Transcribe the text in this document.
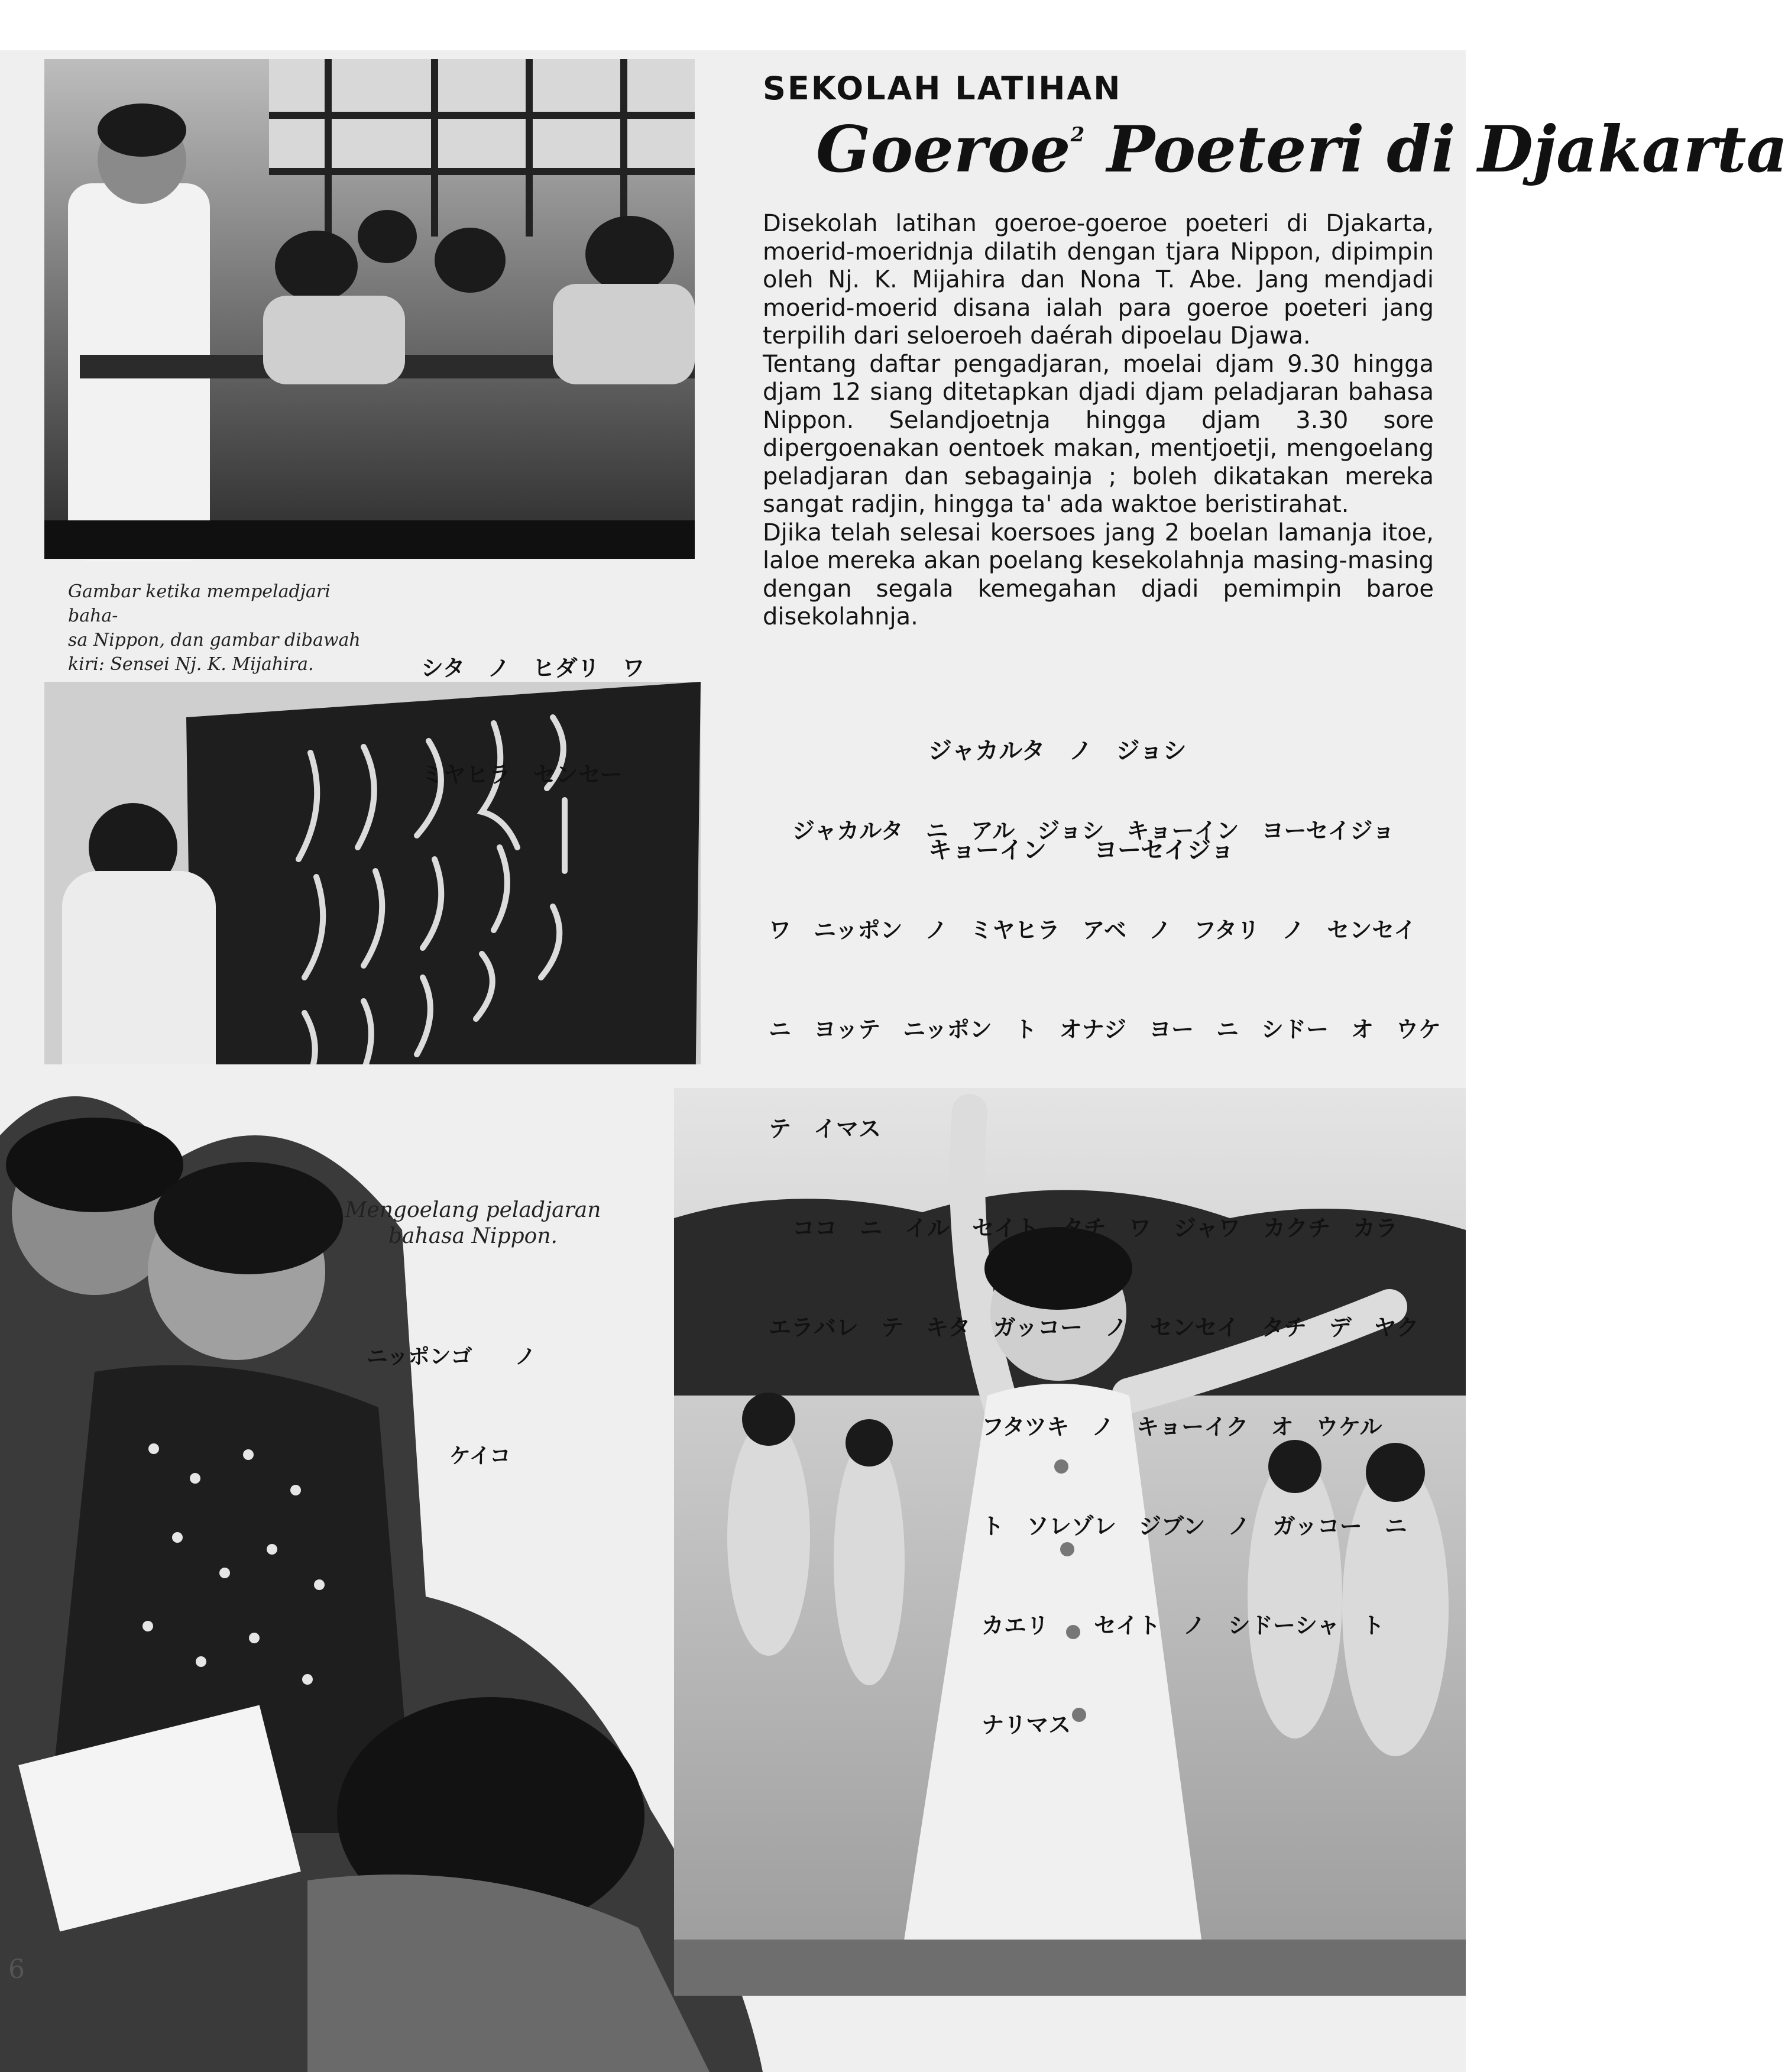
SEKOLAH LATIHAN
Goeroe$^2$ Poeteri di Djakarta

Disekolah latihan goeroe-goeroe poeteri di Djakarta, moerid-moeridnja dilatih dengan tjara Nippon, dipimpin oleh Nj. K. Mijahira dan Nona T. Abe. Jang mendjadi moerid-moerid disana ialah para goeroe poeteri jang terpilih dari seloeroeh daérah dipoelau Djawa.

Tentang daftar pengadjaran, moelai djam 9.30 hingga djam 12 siang ditetapkan djadi djam peladjaran bahasa Nippon. Selandjoetnja hingga djam 3.30 sore dipergoenakan oentoek makan, mentjoetji, mengoelang peladjaran dan sebagainja ; boleh dikatakan mereka sangat radjin, hingga ta' ada waktoe beristirahat.

Djika telah selesai koersoes jang 2 boelan lamanja itoe, laloe mereka akan poelang kesekolahnja masing-masing dengan segala kemegahan djadi pemimpin baroe disekolahnja.

ジャカルタ　ノ　ジョシ

キョーイン　　ヨーセイジョ

ジャカルタ　ニ　アル　ジョシ　キョーイン　ヨーセイジョ

ワ　ニッポン　ノ　ミヤヒラ　アベ　ノ　フタリ　ノ　センセイ

ニ　ヨッテ　ニッポン　ト　オナジ　ヨー　ニ　シドー　オ　ウケ

テ　イマス

ココ　ニ　イル　セイト　タチ　ワ　ジャワ　カクチ　カラ

エラバレ　テ　キタ　ガッコー　ノ　センセイ　タチ　デ　ヤク

フタツキ　ノ　キョーイク　オ　ウケル

ト　ソレゾレ　ジブン　ノ　ガッコー　ニ

カエリ　　セイト　ノ　シドーシャ　ト

ナリマス

Gambar ketika mempeladjari baha-
sa Nippon, dan gambar dibawah
kiri: Sensei Nj. K. Mijahira.

	シタ　ノ　ヒダリ　ワ

ミヤヒラ　センセー

Mengoelang peladjaran
bahasa Nippon.

ニッポンゴ　　ノ

ケイコ

6
